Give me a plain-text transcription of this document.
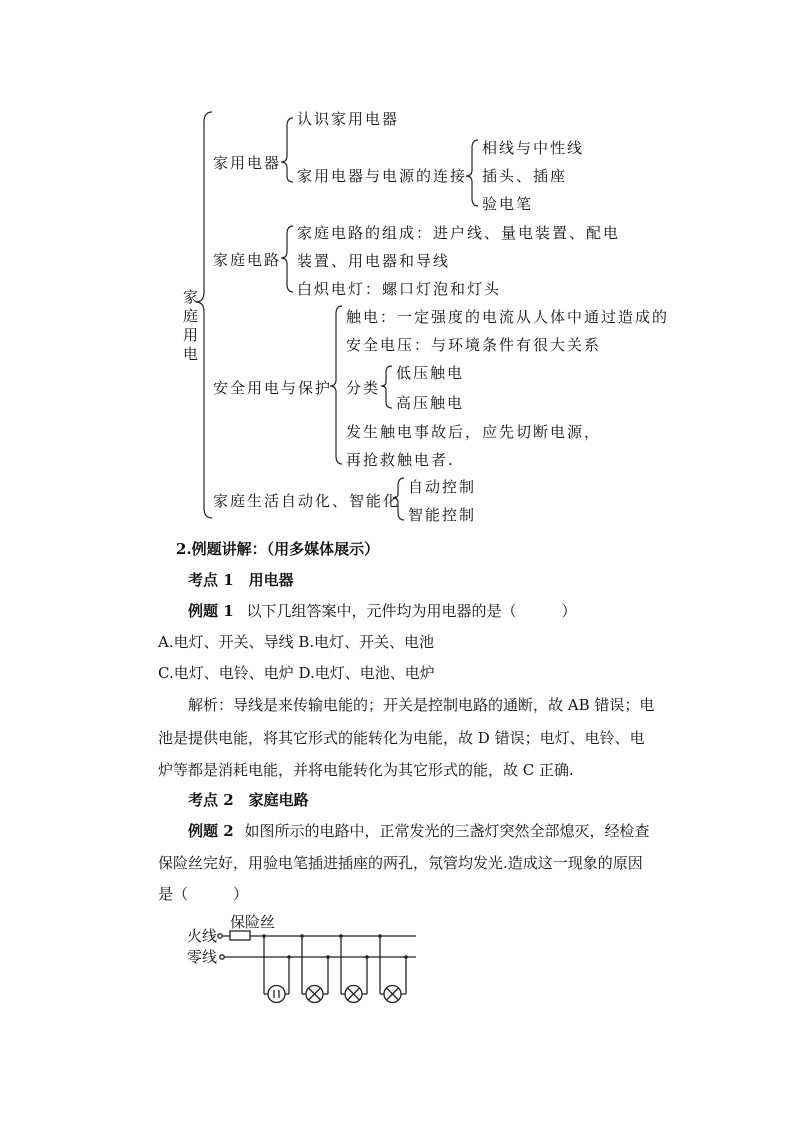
家庭用电
家用电器
认识家用电器
家用电器与电源的连接
相线与中性线
插头、插座
验电笔
家庭电路
家庭电路的组成：进户线、量电装置、配电
装置、用电器和导线
白炽电灯：螺口灯泡和灯头
安全用电与保护
触电：一定强度的电流从人体中通过造成的
安全电压：与环境条件有很大关系
分类
低压触电
高压触电
发生触电事故后，应先切断电源，
再抢救触电者.
家庭生活自动化、智能化
自动控制
智能控制
2.例题讲解：（用多媒体展示）
考点 1　用电器
例题 1 以下几组答案中，元件均为用电器的是（　　　）
A.电灯、开关、导线 B.电灯、开关、电池
C.电灯、电铃、电炉 D.电灯、电池、电炉
解析：导线是来传输电能的；开关是控制电路的通断，故 AB 错误；电
池是提供电能，将其它形式的能转化为电能，故 D 错误；电灯、电铃、电
炉等都是消耗电能，并将电能转化为其它形式的能，故 C 正确.
考点 2　家庭电路
例题 2 如图所示的电路中，正常发光的三盏灯突然全部熄灭，经检查
保险丝完好，用验电笔插进插座的两孔，氖管均发光.造成这一现象的原因
是（　　　）
火线
零线
保险丝
